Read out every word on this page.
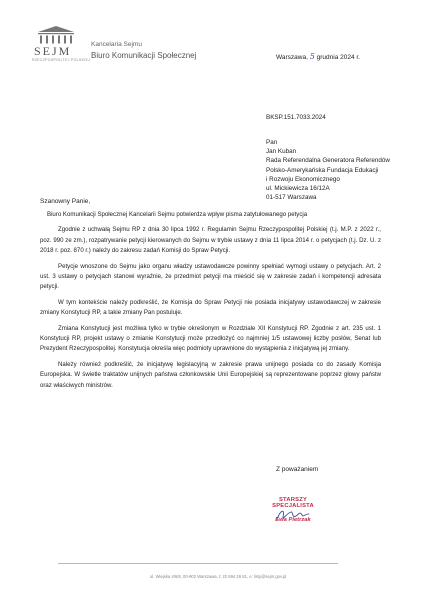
SEJM
RZECZPOSPOLITEJ POLSKIEJ
Kancelaria Sejmu
Biuro Komunikacji Społecznej	Warszawa, 5 grudnia 2024 r.
BKSP.151.7033.2024
Pan
Jan Kuban
Rada Referendalna Generatora Referendów
Polsko-Amerykańska Fundacja Edukacji
i Rozwoju Ekonomicznego
ul. Mickiewicza 16/12A
01-517 Warszawa
Szanowny Panie,

Biuro Komunikacji Społecznej Kancelarii Sejmu potwierdza wpływ pisma zatytułowanego petycja

Zgodnie z uchwałą Sejmu RP z dnia 30 lipca 1992 r. Regulamin Sejmu Rzeczypospolitej Polskiej (t.j. M.P. z 2022 r., poz. 990 ze zm.), rozpatrywanie petycji kierowanych do Sejmu w trybie ustawy z dnia 11 lipca 2014 r. o petycjach (t.j. Dz. U. z 2018 r. poz. 870 r.) należy do zakresu zadań Komisji do Spraw Petycji.

Petycje wnoszone do Sejmu jako organu władzy ustawodawcze powinny spełniać wymogi ustawy o petycjach. Art. 2 ust. 3 ustawy o petycjach stanowi wyraźnie, że przedmiot petycji ma mieścić się w zakresie zadań i kompetencji adresata petycji.

W tym kontekście należy podkreślić, że Komisja do Spraw Petycji nie posiada inicjatywy ustawodawczej w zakresie zmiany Konstytucji RP, a takie zmiany Pan postuluje.

Zmiana Konstytucji jest możliwa tylko w trybie określonym w Rozdziale XII Konstytucji RP. Zgodnie z art. 235 ust. 1 Konstytucji RP, projekt ustawy o zmianie Konstytucji może przedłożyć co najmniej 1/5 ustawowej liczby posłów, Senat lub Prezydent Rzeczypospolitej. Konstytucja określa więc podmioty uprawnione do wystąpienia z inicjatywą jej zmiany.

Należy również podkreślić, że inicjatywę legislacyjną w zakresie prawa unijnego posiada co do zasady Komisja Europejska. W świetle traktatów unijnych państwa członkowskie Unii Europejskiej są reprezentowane poprzez głowy państw oraz właściwych ministrów.

Z poważaniem
STARSZY SPECJALISTA
Ewa Pietrzak
ul. Wiejska 4/6/8, 00-902 Warszawa, t: 22 694 26 81, e: listy@sejm.gov.pl
